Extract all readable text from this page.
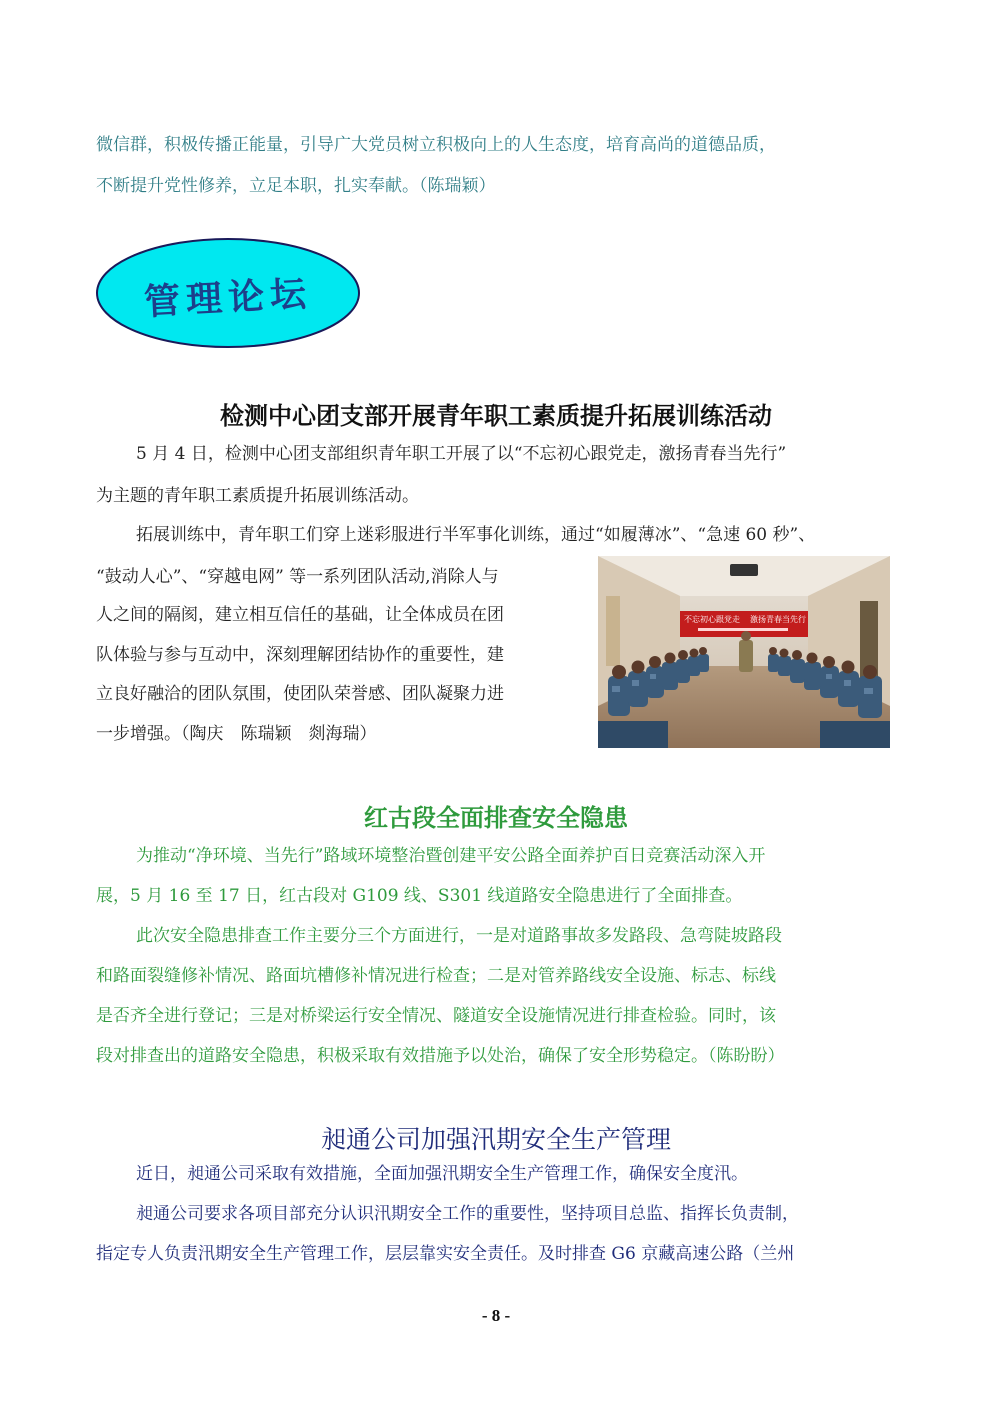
微信群，积极传播正能量，引导广大党员树立积极向上的人生态度，培育高尚的道德品质，
不断提升党性修养，立足本职，扎实奉献。（陈瑞颖）
管理论坛
检测中心团支部开展青年职工素质提升拓展训练活动
5 月 4 日，检测中心团支部组织青年职工开展了以“不忘初心跟党走，激扬青春当先行”
为主题的青年职工素质提升拓展训练活动。
拓展训练中，青年职工们穿上迷彩服进行半军事化训练，通过“如履薄冰”、“急速 60 秒”、
“鼓动人心”、“穿越电网” 等一系列团队活动,消除人与
人之间的隔阂，建立相互信任的基础，让全体成员在团
队体验与参与互动中，深刻理解团结协作的重要性，建
立良好融洽的团队氛围，使团队荣誉感、团队凝聚力进
一步增强。（陶庆　陈瑞颖　剡海瑞）
不忘初心跟党走 激扬青春当先行
红古段全面排查安全隐患
为推动“净环境、当先行”路域环境整治暨创建平安公路全面养护百日竞赛活动深入开
展，5 月 16 至 17 日，红古段对 G109 线、S301 线道路安全隐患进行了全面排查。
此次安全隐患排查工作主要分三个方面进行，一是对道路事故多发路段、急弯陡坡路段
和路面裂缝修补情况、路面坑槽修补情况进行检查；二是对管养路线安全设施、标志、标线
是否齐全进行登记；三是对桥梁运行安全情况、隧道安全设施情况进行排查检验。同时，该
段对排查出的道路安全隐患，积极采取有效措施予以处治，确保了安全形势稳定。（陈盼盼）
昶通公司加强汛期安全生产管理
近日，昶通公司采取有效措施，全面加强汛期安全生产管理工作，确保安全度汛。
昶通公司要求各项目部充分认识汛期安全工作的重要性，坚持项目总监、指挥长负责制，
指定专人负责汛期安全生产管理工作，层层靠实安全责任。及时排查 G6 京藏高速公路（兰州
- 8 -
